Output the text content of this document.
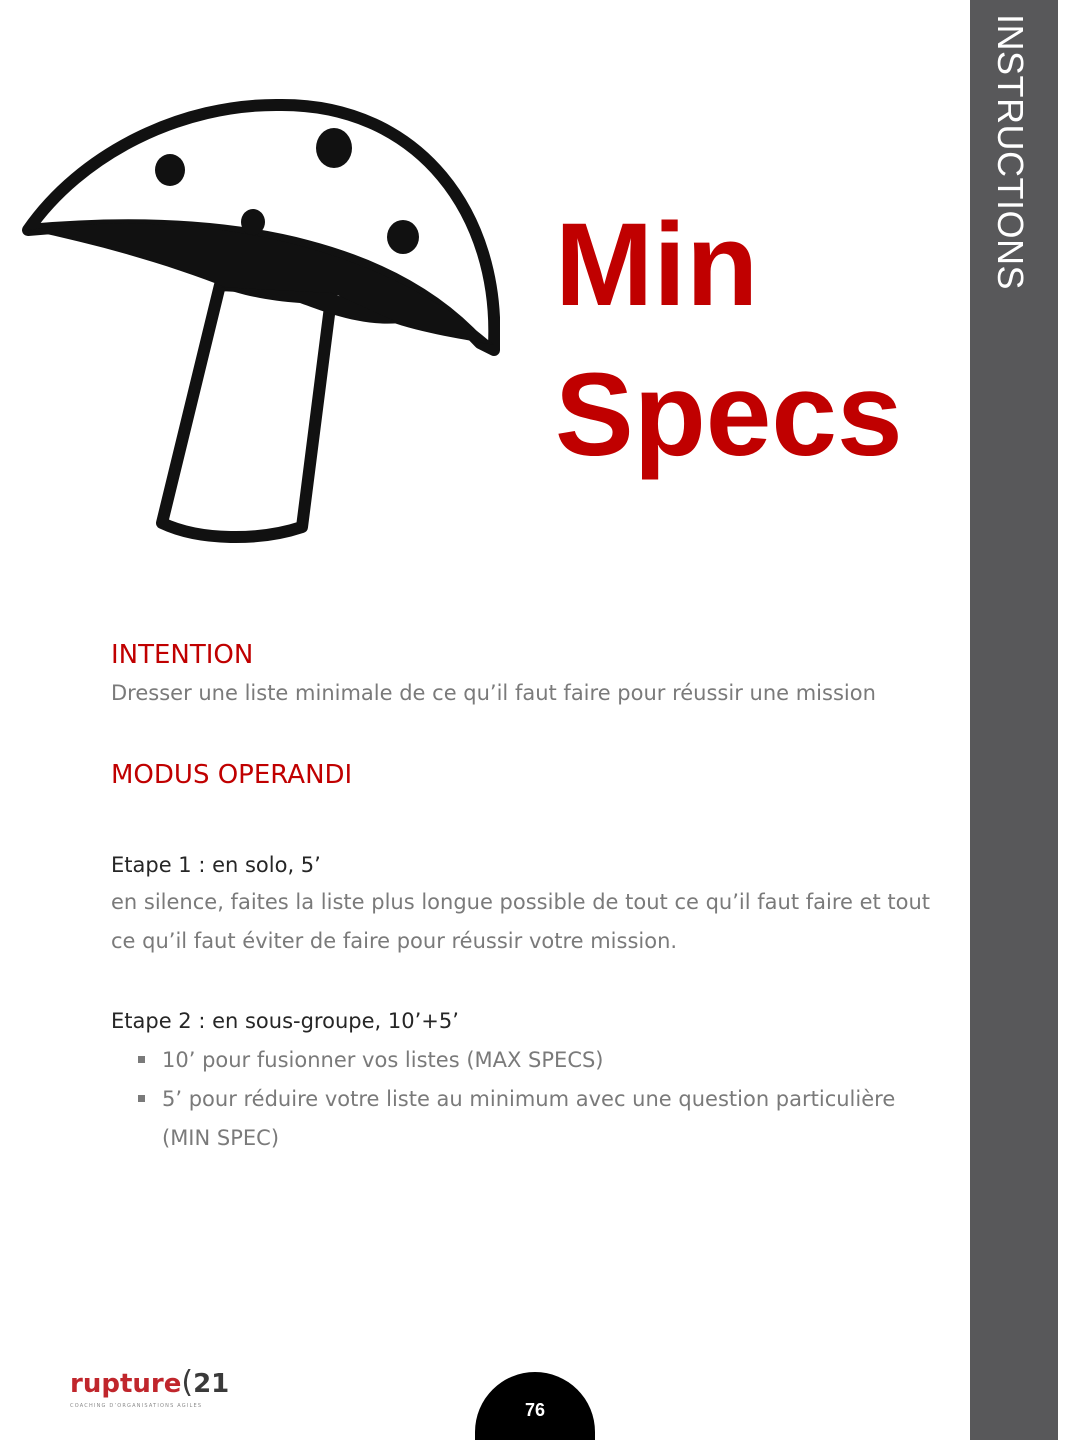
INSTRUCTIONS
Min
Specs
INTENTION

Dresser une liste minimale de ce qu’il faut faire pour réussir une mission

MODUS OPERANDI

Etape 1 : en solo, 5’

en silence, faites la liste plus longue possible de tout ce qu’il faut faire et tout ce qu’il faut éviter de faire pour réussir votre mission.

Etape 2 : en sous-groupe, 10’+5’

10’ pour fusionner vos listes (MAX SPECS)
5’ pour réduire votre liste au minimum avec une question particulière (MIN SPEC)
rupture(21
COACHING D’ORGANISATIONS AGILES	76
